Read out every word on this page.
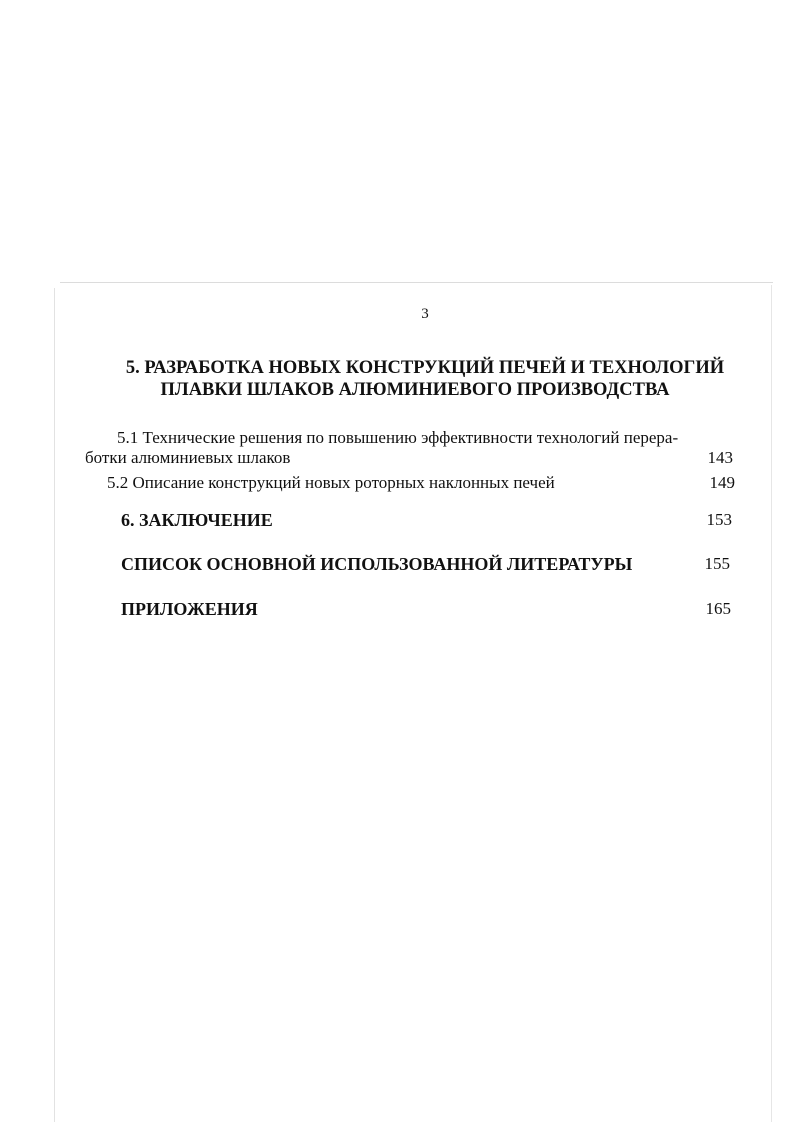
3
5. РАЗРАБОТКА НОВЫХ КОНСТРУКЦИЙ ПЕЧЕЙ И ТЕХНОЛОГИЙ
ПЛАВКИ ШЛАКОВ АЛЮМИНИЕВОГО ПРОИЗВОДСТВА
5.1 Технические решения по повышению эффективности технологий перера-
ботки алюминиевых шлаков	143
5.2 Описание конструкций новых роторных наклонных печей	149
6. ЗАКЛЮЧЕНИЕ	153
СПИСОК ОСНОВНОЙ ИСПОЛЬЗОВАННОЙ ЛИТЕРАТУРЫ	155
ПРИЛОЖЕНИЯ	165
